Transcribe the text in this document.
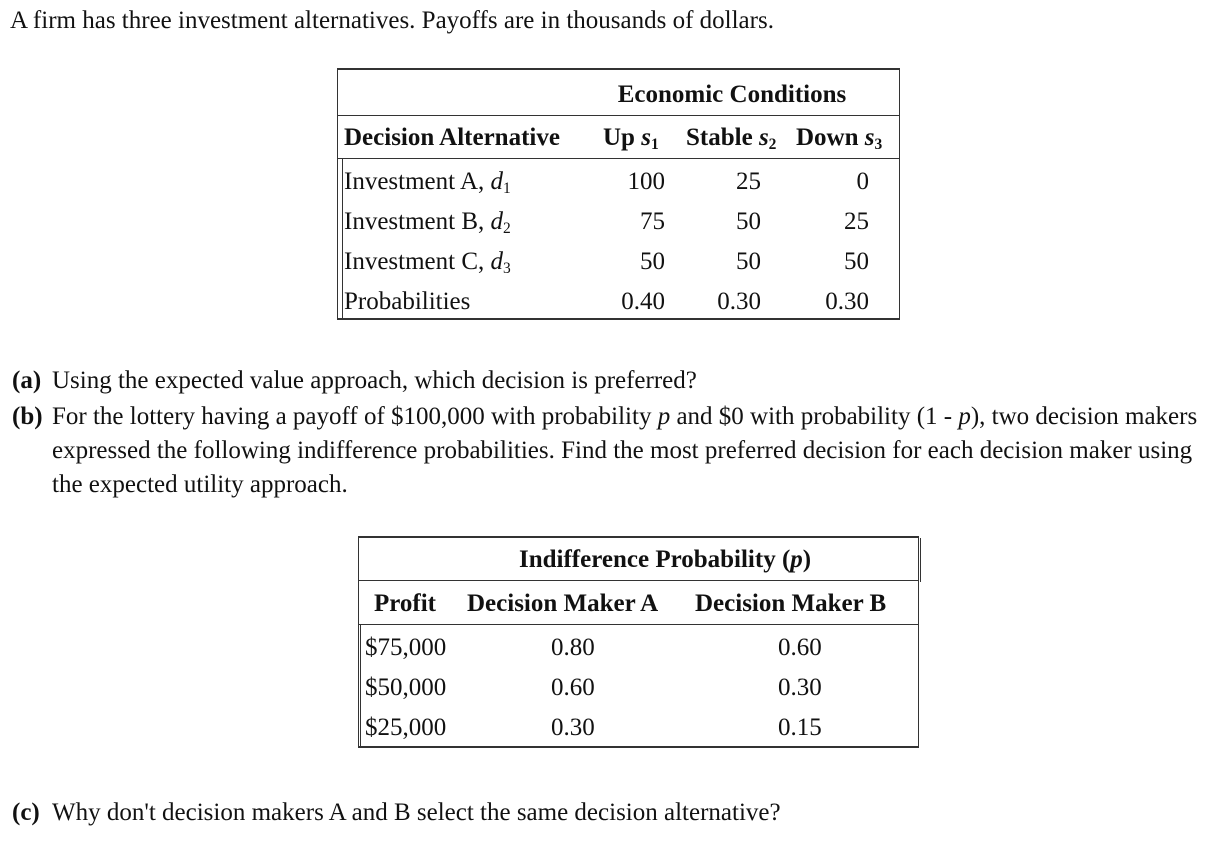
A firm has three investment alternatives. Payoffs are in thousands of dollars.
Economic Conditions
Decision Alternative Up $s_1$ Stable $s_2$ Down $s_3$
Investment A, $d_1$	100	25	0
Investment B, $d_2$	75	50	25
Investment C, $d_3$	50	50	50
Probabilities	0.40 0.30	0.30
(a) Using the expected value approach, which decision is preferred?
(b) For the lottery having a payoff of $100,000 with probability p and $0 with probability (1 - p), two decision makers expressed the following indifference probabilities. Find the most preferred decision for each decision maker using the expected utility approach.
Indifference Probability (p)
Profit Decision Maker A Decision Maker B
$75,000	0.80	0.60
$50,000	0.60	0.30
$25,000	0.30	0.15
(c) Why don't decision makers A and B select the same decision alternative?
